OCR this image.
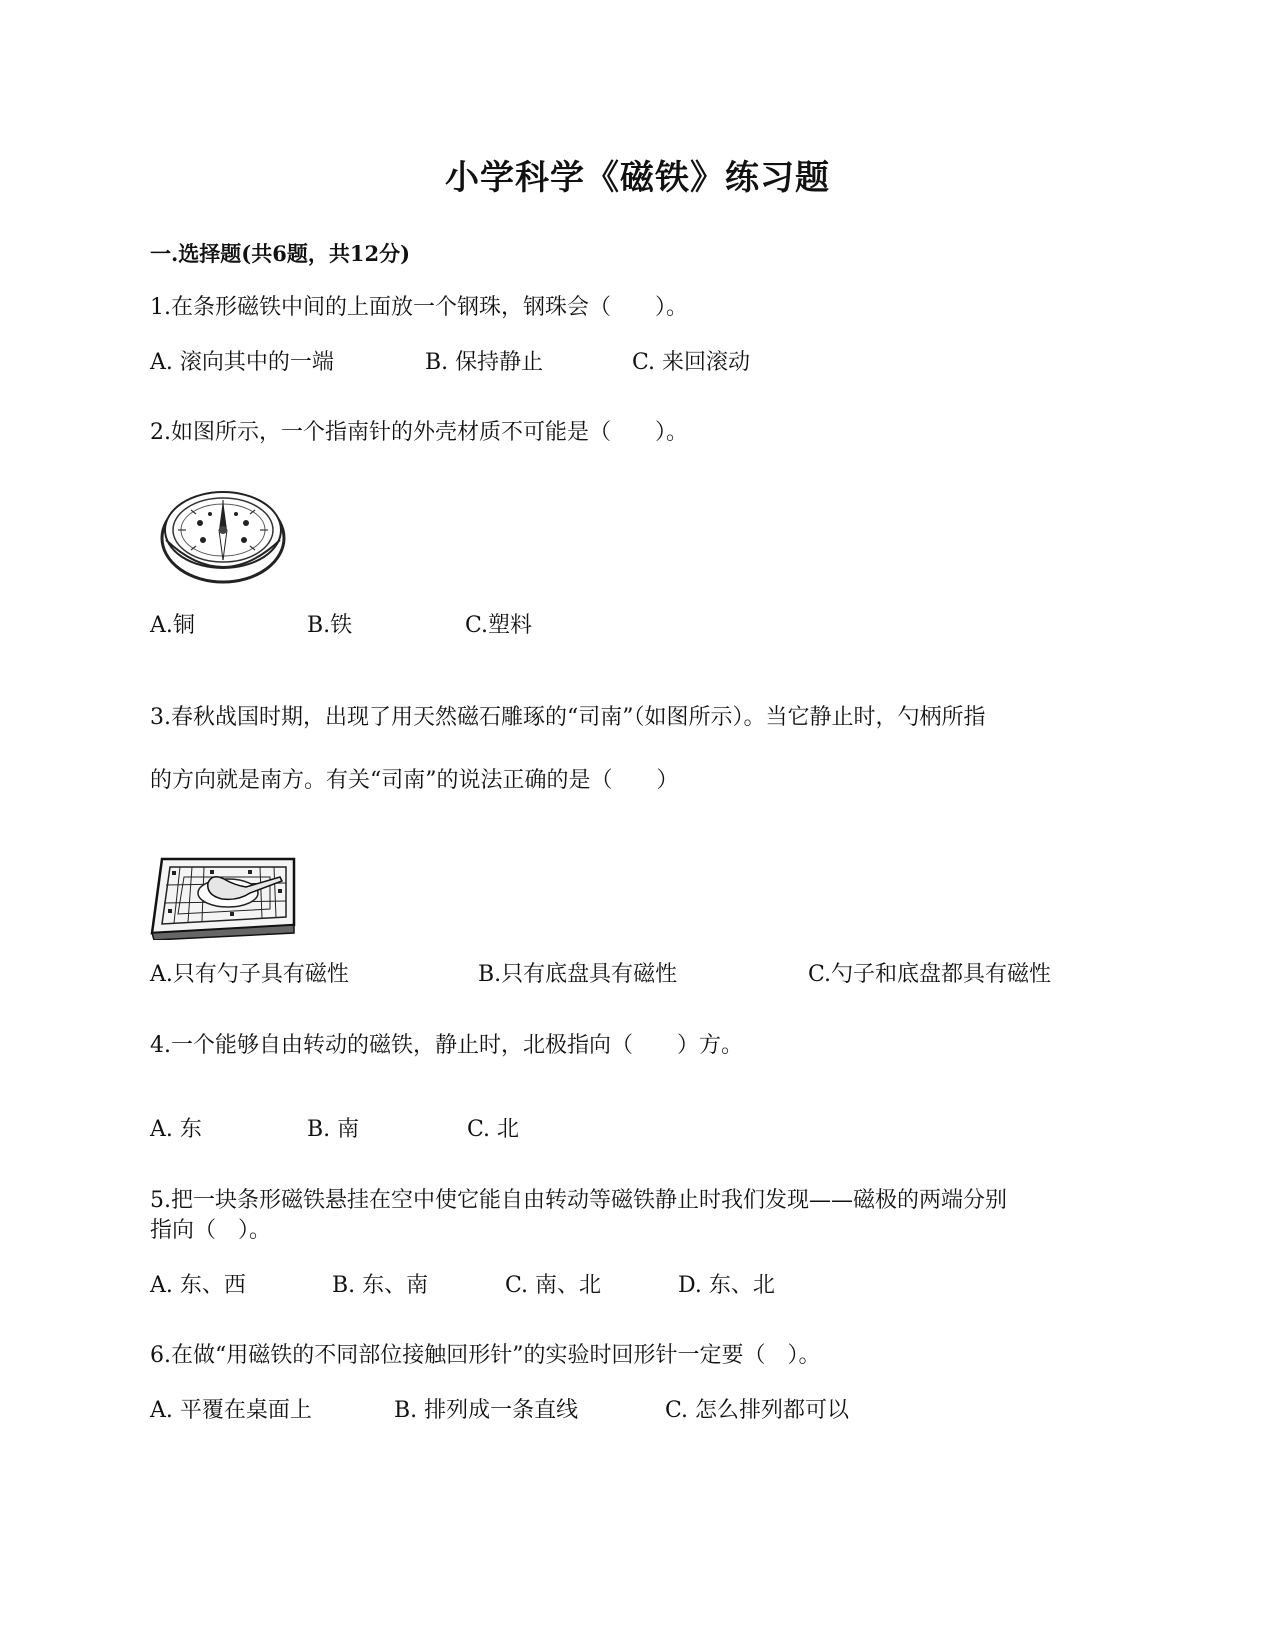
小学科学《磁铁》练习题
一.选择题(共6题，共12分)
1.在条形磁铁中间的上面放一个钢珠，钢珠会（　　）。
A. 滚向其中的一端	B. 保持静止	C. 来回滚动
2.如图所示，一个指南针的外壳材质不可能是（　　）。
A.铜	B.铁	C.塑料
3.春秋战国时期，出现了用天然磁石雕琢的“司南”（如图所示）。当它静止时，勺柄所指
的方向就是南方。有关“司南”的说法正确的是（　　）
A.只有勺子具有磁性	B.只有底盘具有磁性	C.勺子和底盘都具有磁性
4.一个能够自由转动的磁铁，静止时，北极指向（　　）方。
A. 东	B. 南	C. 北
5.把一块条形磁铁悬挂在空中使它能自由转动等磁铁静止时我们发现——磁极的两端分别
指向（　）。
A. 东、西	B. 东、南	C. 南、北	D. 东、北
6.在做“用磁铁的不同部位接触回形针”的实验时回形针一定要（　）。
A. 平覆在桌面上	B. 排列成一条直线	C. 怎么排列都可以
